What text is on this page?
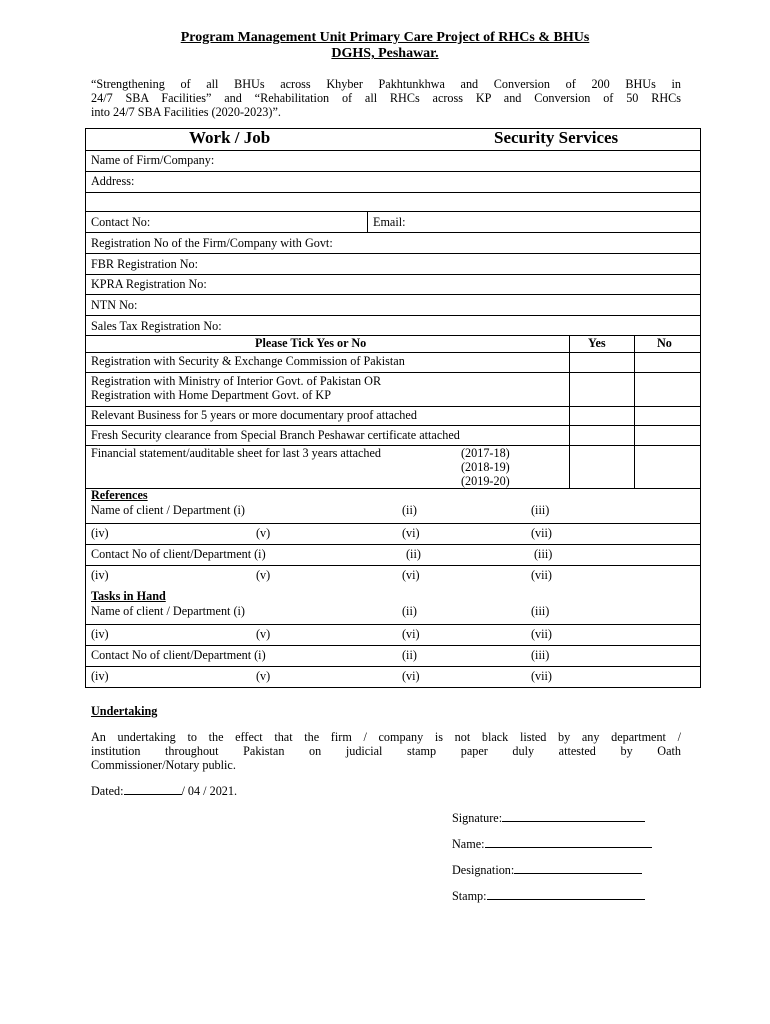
Program Management Unit Primary Care Project of RHCs & BHUs
DGHS, Peshawar.
“Strengthening of all BHUs across Khyber Pakhtunkhwa and Conversion of 200 BHUs in
24/7 SBA Facilities” and “Rehabilitation of all RHCs across KP and Conversion of 50 RHCs
into 24/7 SBA Facilities (2020-2023)”.
Work / Job	Security Services
Name of Firm/Company:
Address:
Contact No:	Email:
Registration No of the Firm/Company with Govt:
FBR Registration No:
KPRA Registration No:
NTN No:
Sales Tax Registration No:
Please Tick Yes or No	Yes	No
Registration with Security & Exchange Commission of Pakistan
Registration with Ministry of Interior Govt. of Pakistan OR
Registration with Home Department Govt. of KP
Relevant Business for 5 years or more documentary proof attached
Fresh Security clearance from Special Branch Peshawar certificate attached
Financial statement/auditable sheet for last 3 years attached	(2017-18)
(2018-19)
(2019-20)
References
Name of client / Department (i)	(ii)	(iii)
(iv)	(v)	(vi)	(vii)
Contact No of client/Department (i)	(ii)	(iii)
(iv)	(v)	(vi)	(vii)
Tasks in Hand
Name of client / Department (i)	(ii)	(iii)
(iv)	(v)	(vi)	(vii)
Contact No of client/Department (i)	(ii)	(iii)
(iv)	(v)	(vi)	(vii)
Undertaking
An undertaking to the effect that the firm / company is not black listed by any department /
institution throughout Pakistan on judicial stamp paper duly attested by Oath
Commissioner/Notary public.
Dated:	/ 04 / 2021.
Signature:
Name:
Designation:
Stamp:
